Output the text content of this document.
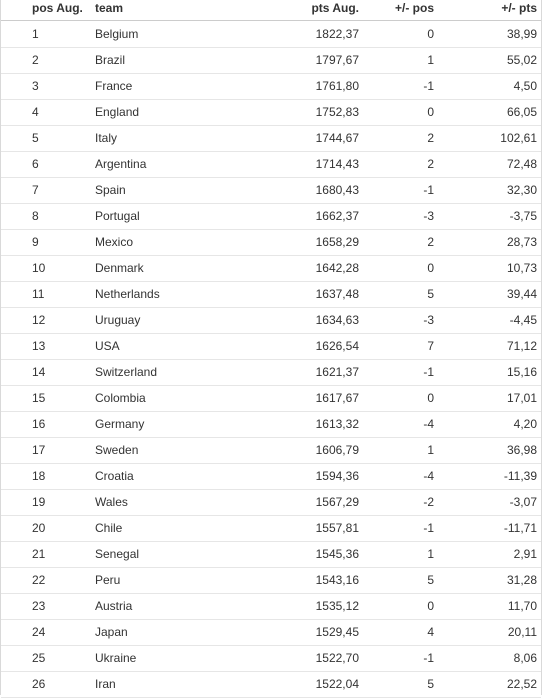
pos Aug.	team	pts Aug.	+/- pos	+/- pts
1	Belgium	1822,37	0	38,99
2	Brazil	1797,67	1	55,02
3	France	1761,80	-1	4,50
4	England	1752,83	0	66,05
5	Italy	1744,67	2	102,61
6	Argentina	1714,43	2	72,48
7	Spain	1680,43	-1	32,30
8	Portugal	1662,37	-3	-3,75
9	Mexico	1658,29	2	28,73
10	Denmark	1642,28	0	10,73
11	Netherlands	1637,48	5	39,44
12	Uruguay	1634,63	-3	-4,45
13	USA	1626,54	7	71,12
14	Switzerland	1621,37	-1	15,16
15	Colombia	1617,67	0	17,01
16	Germany	1613,32	-4	4,20
17	Sweden	1606,79	1	36,98
18	Croatia	1594,36	-4	-11,39
19	Wales	1567,29	-2	-3,07
20	Chile	1557,81	-1	-11,71
21	Senegal	1545,36	1	2,91
22	Peru	1543,16	5	31,28
23	Austria	1535,12	0	11,70
24	Japan	1529,45	4	20,11
25	Ukraine	1522,70	-1	8,06
26	Iran	1522,04	5	22,52
